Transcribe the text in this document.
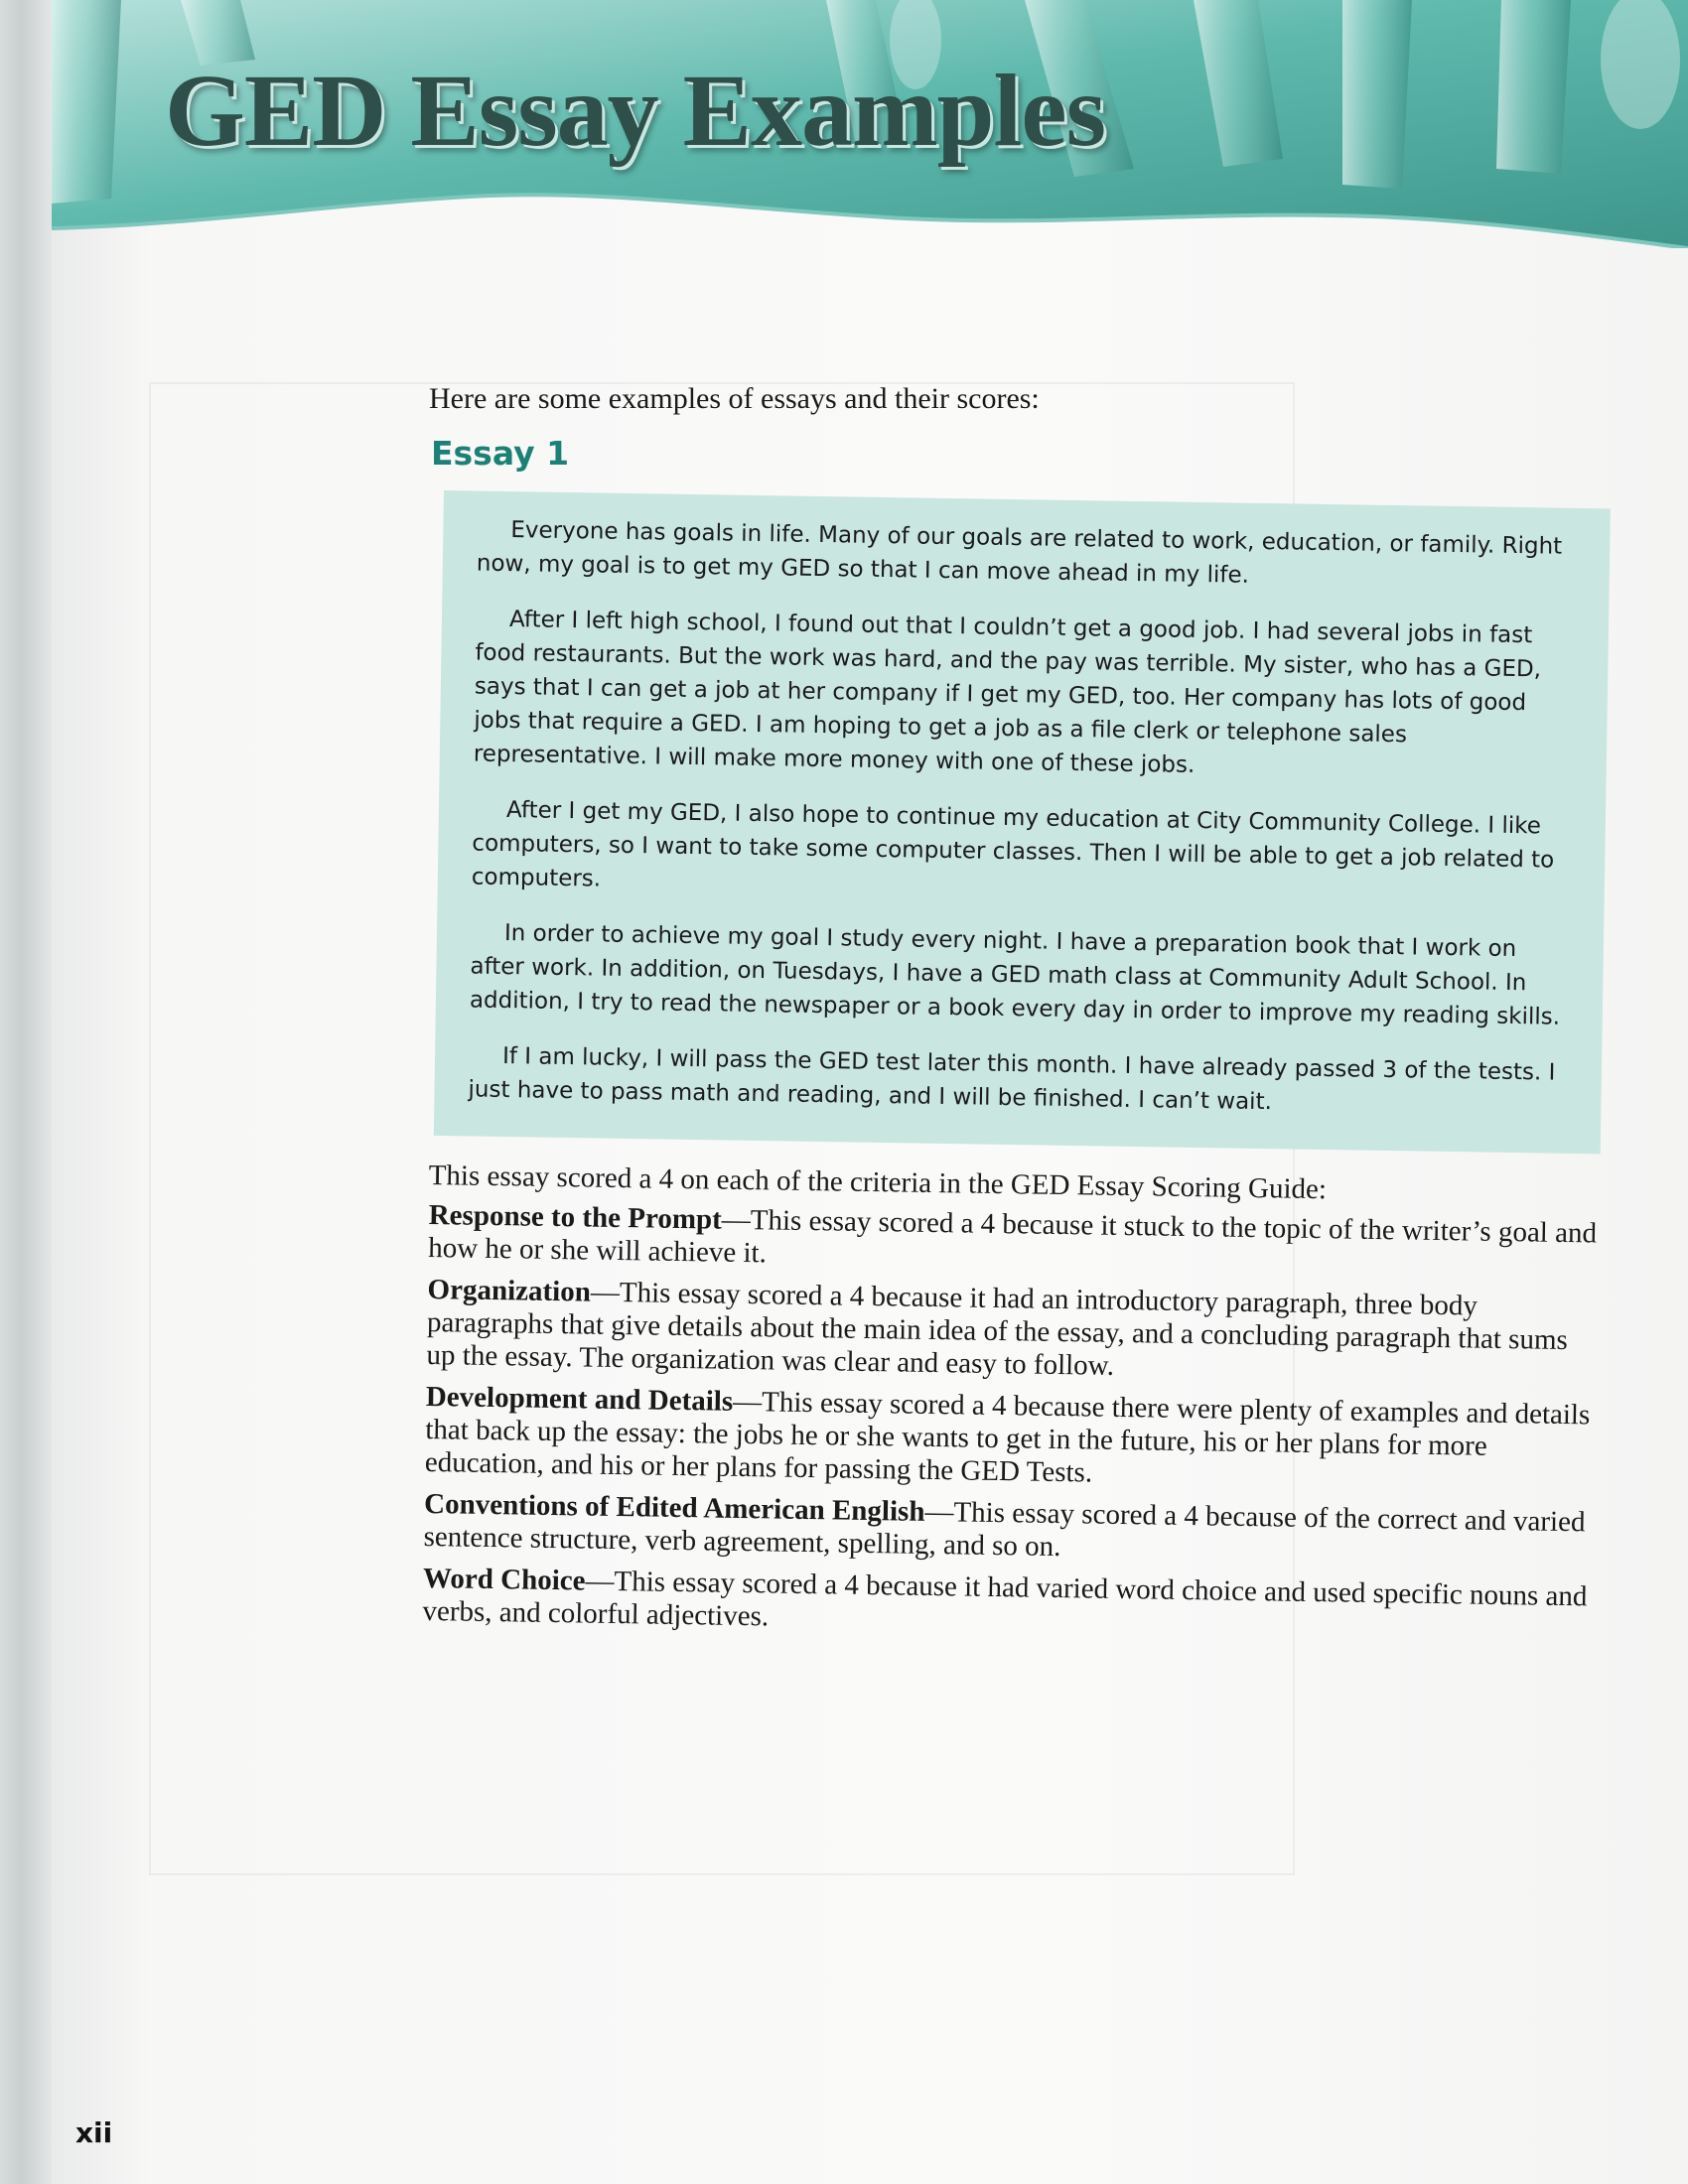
GED Essay Examples

Here are some examples of essays and their scores:

Essay 1

Everyone has goals in life. Many of our goals are related to work, education, or family. Right now, my goal is to get my GED so that I can move ahead in my life.

After I left high school, I found out that I couldn’t get a good job. I had several jobs in fast food restaurants. But the work was hard, and the pay was terrible. My sister, who has a GED, says that I can get a job at her company if I get my GED, too. Her company has lots of good jobs that require a GED. I am hoping to get a job as a file clerk or telephone sales representative. I will make more money with one of these jobs.

After I get my GED, I also hope to continue my education at City Community College. I like computers, so I want to take some computer classes. Then I will be able to get a job related to computers.

In order to achieve my goal I study every night. I have a preparation book that I work on after work. In addition, on Tuesdays, I have a GED math class at Community Adult School. In addition, I try to read the newspaper or a book every day in order to improve my reading skills.

If I am lucky, I will pass the GED test later this month. I have already passed 3 of the tests. I just have to pass math and reading, and I will be finished. I can’t wait.

This essay scored a 4 on each of the criteria in the GED Essay Scoring Guide:

Response to the Prompt—This essay scored a 4 because it stuck to the topic of the writer’s goal and how he or she will achieve it.
Organization—This essay scored a 4 because it had an introductory paragraph, three body paragraphs that give details about the main idea of the essay, and a concluding paragraph that sums up the essay. The organization was clear and easy to follow.
Development and Details—This essay scored a 4 because there were plenty of examples and details that back up the essay: the jobs he or she wants to get in the future, his or her plans for more education, and his or her plans for passing the GED Tests.
Conventions of Edited American English—This essay scored a 4 because of the correct and varied sentence structure, verb agreement, spelling, and so on.
Word Choice—This essay scored a 4 because it had varied word choice and used specific nouns and verbs, and colorful adjectives.

xii
